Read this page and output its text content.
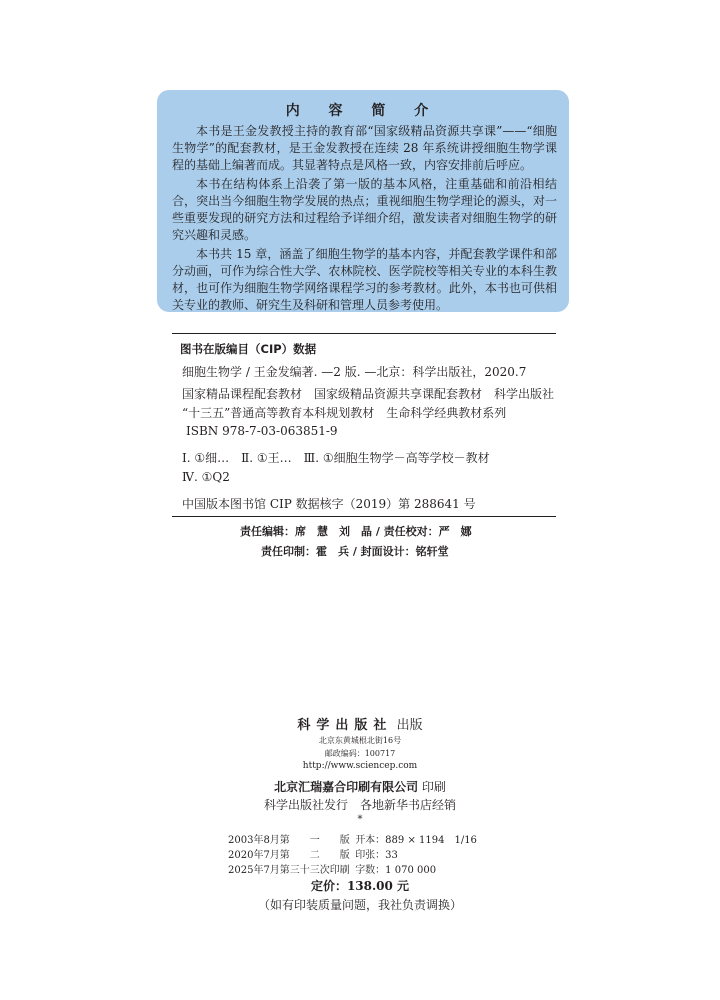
内 容 简 介

本书是王金发教授主持的教育部“国家级精品资源共享课”——“细胞生物学”的配套教材，是王金发教授在连续 28 年系统讲授细胞生物学课程的基础上编著而成。其显著特点是风格一致，内容安排前后呼应。

本书在结构体系上沿袭了第一版的基本风格，注重基础和前沿相结合，突出当今细胞生物学发展的热点；重视细胞生物学理论的源头，对一些重要发现的研究方法和过程给予详细介绍，激发读者对细胞生物学的研究兴趣和灵感。

本书共 15 章，涵盖了细胞生物学的基本内容，并配套教学课件和部分动画，可作为综合性大学、农林院校、医学院校等相关专业的本科生教材，也可作为细胞生物学网络课程学习的参考教材。此外，本书也可供相关专业的教师、研究生及科研和管理人员参考使用。

图书在版编目（CIP）数据
细胞生物学 / 王金发编著. —2 版. —北京：科学出版社，2020.7
国家精品课程配套教材　国家级精品资源共享课配套教材　科学出版社
“十三五”普通高等教育本科规划教材　生命科学经典教材系列
ISBN 978-7-03-063851-9
Ⅰ. ①细…　Ⅱ. ①王…　Ⅲ. ①细胞生物学－高等学校－教材
Ⅳ. ①Q2
中国版本图书馆 CIP 数据核字（2019）第 288641 号
责任编辑：席　慧　刘　晶 / 责任校对：严　娜
责任印制：霍　兵 / 封面设计：铭轩堂
科学出版社 出版
北京东黄城根北街16号
邮政编码：100717
http://www.sciencep.com
北京汇瑞嘉合印刷有限公司 印刷
科学出版社发行　各地新华书店经销
*
2003年8月第　　一　　版 开本：889 × 1194　1/16
2020年7月第　　二　　版 印张：33
2025年7月第三十三次印刷 字数：1 070 000
定价：138.00 元
（如有印装质量问题，我社负责调换）
